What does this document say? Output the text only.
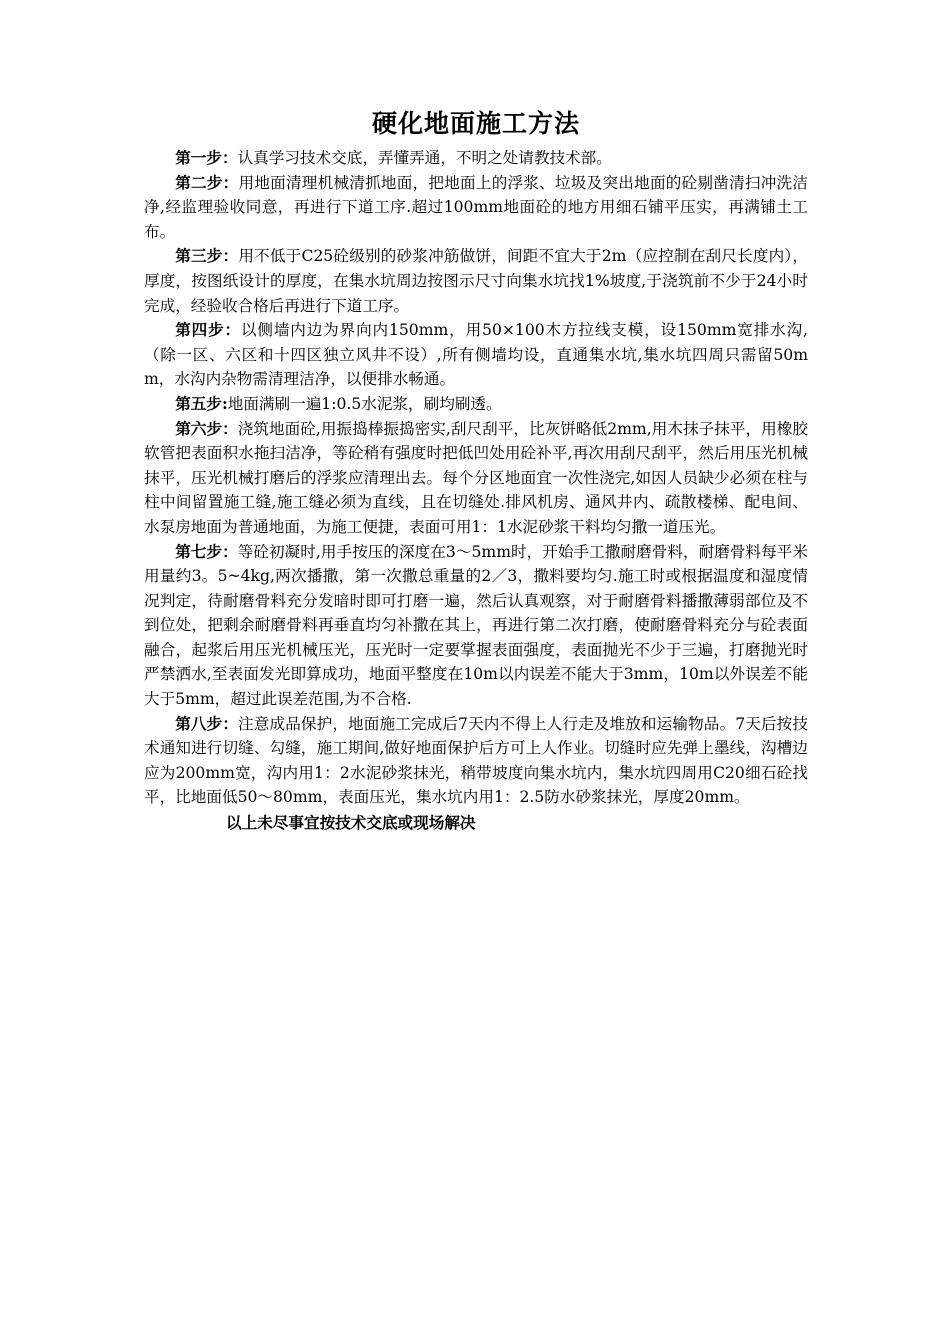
硬化地面施工方法

第一步：认真学习技术交底，弄懂弄通，不明之处请教技术部。

第二步：用地面清理机械清抓地面，把地面上的浮浆、垃圾及突出地面的砼剔凿清扫冲洗洁净,经监理验收同意，再进行下道工序.超过100mm地面砼的地方用细石铺平压实，再满铺土工布。

第三步：用不低于C25砼级别的砂浆冲筋做饼，间距不宜大于2m（应控制在刮尺长度内），厚度，按图纸设计的厚度，在集水坑周边按图示尺寸向集水坑找1%坡度,于浇筑前不少于24小时完成，经验收合格后再进行下道工序。

第四步：以侧墙内边为界向内150mm，用50×100木方拉线支模，设150mm宽排水沟,（除一区、六区和十四区独立风井不设）,所有侧墙均设，直通集水坑,集水坑四周只需留50mm，水沟内杂物需清理洁净，以便排水畅通。

第五步:地面满刷一遍1:0.5水泥浆，刷均刷透。

第六步：浇筑地面砼,用振捣棒振捣密实,刮尺刮平，比灰饼略低2mm,用木抹子抹平，用橡胶软管把表面积水拖扫洁净，等砼稍有强度时把低凹处用砼补平,再次用刮尺刮平，然后用压光机械抹平，压光机械打磨后的浮浆应清理出去。每个分区地面宜一次性浇完,如因人员缺少必须在柱与柱中间留置施工缝,施工缝必须为直线，且在切缝处.排风机房、通风井内、疏散楼梯、配电间、水泵房地面为普通地面，为施工便捷，表面可用1：1水泥砂浆干料均匀撒一道压光。

第七步：等砼初凝时,用手按压的深度在3～5mm时，开始手工撒耐磨骨料，耐磨骨料每平米用量约3。5~4kg,两次播撒，第一次撒总重量的2／3，撒料要均匀.施工时或根据温度和湿度情况判定，待耐磨骨料充分发暗时即可打磨一遍，然后认真观察，对于耐磨骨料播撒薄弱部位及不到位处，把剩余耐磨骨料再垂直均匀补撒在其上，再进行第二次打磨，使耐磨骨料充分与砼表面融合，起浆后用压光机械压光，压光时一定要掌握表面强度，表面抛光不少于三遍，打磨抛光时严禁洒水,至表面发光即算成功，地面平整度在10m以内误差不能大于3mm，10m以外误差不能大于5mm，超过此误差范围,为不合格.

第八步：注意成品保护，地面施工完成后7天内不得上人行走及堆放和运输物品。7天后按技术通知进行切缝、勾缝，施工期间,做好地面保护后方可上人作业。切缝时应先弹上墨线，沟槽边应为200mm宽，沟内用1：2水泥砂浆抹光，稍带坡度向集水坑内，集水坑四周用C20细石砼找平，比地面低50～80mm，表面压光，集水坑内用1：2.5防水砂浆抹光，厚度20mm。

以上未尽事宜按技术交底或现场解决
